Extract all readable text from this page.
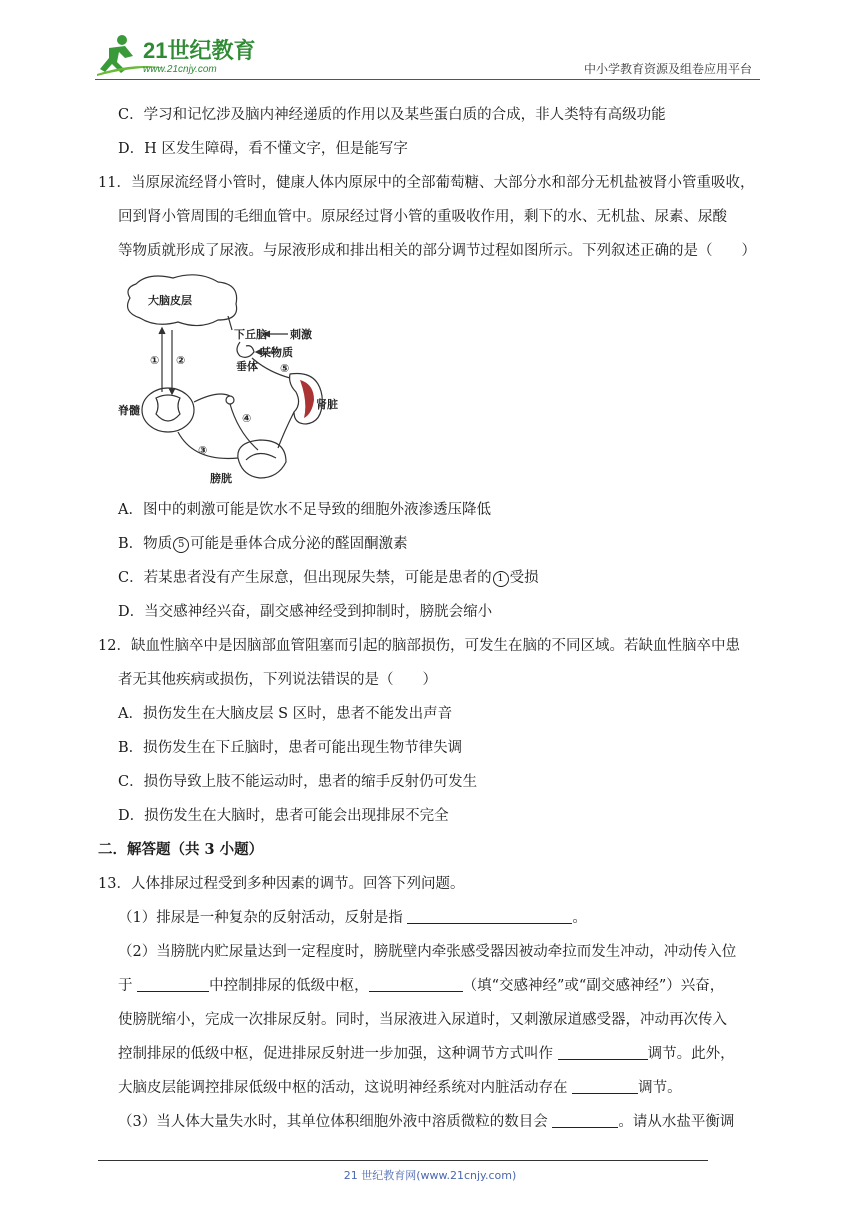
21世纪教育
www.21cnjy.com	中小学教育资源及组卷应用平台
C．学习和记忆涉及脑内神经递质的作用以及某些蛋白质的合成，非人类特有高级功能
D．H 区发生障碍，看不懂文字，但是能写字
11．当原尿流经肾小管时，健康人体内原尿中的全部葡萄糖、大部分水和部分无机盐被肾小管重吸收，
回到肾小管周围的毛细血管中。原尿经过肾小管的重吸收作用，剩下的水、无机盐、尿素、尿酸
等物质就形成了尿液。与尿液形成和排出相关的部分调节过程如图所示。下列叙述正确的是（　　）
大脑皮层
下丘脑 刺激
某物质
垂体 ⑤
脊髓	肾脏
① ②
③
④
膀胱
A．图中的刺激可能是饮水不足导致的细胞外液渗透压降低
B．物质 5 可能是垂体合成分泌的醛固酮激素
C．若某患者没有产生尿意，但出现尿失禁，可能是患者的 1 受损
D．当交感神经兴奋，副交感神经受到抑制时，膀胱会缩小
12．缺血性脑卒中是因脑部血管阻塞而引起的脑部损伤，可发生在脑的不同区域。若缺血性脑卒中患
者无其他疾病或损伤，下列说法错误的是（　　）
A．损伤发生在大脑皮层 S 区时，患者不能发出声音
B．损伤发生在下丘脑时，患者可能出现生物节律失调
C．损伤导致上肢不能运动时，患者的缩手反射仍可发生
D．损伤发生在大脑时，患者可能会出现排尿不完全
二．解答题（共 3 小题）
13．人体排尿过程受到多种因素的调节。回答下列问题。
（1）排尿是一种复杂的反射活动，反射是指	。
（2）当膀胱内贮尿量达到一定程度时，膀胱壁内牵张感受器因被动牵拉而发生冲动，冲动传入位
于	中控制排尿的低级中枢，	（填“交感神经”或“副交感神经”）兴奋，
使膀胱缩小，完成一次排尿反射。同时，当尿液进入尿道时，又刺激尿道感受器，冲动再次传入
控制排尿的低级中枢，促进排尿反射进一步加强，这种调节方式叫作	调节。此外，
大脑皮层能调控排尿低级中枢的活动，这说明神经系统对内脏活动存在	调节。
（3）当人体大量失水时，其单位体积细胞外液中溶质微粒的数目会	。请从水盐平衡调
21 世纪教育网(www.21cnjy.com)
